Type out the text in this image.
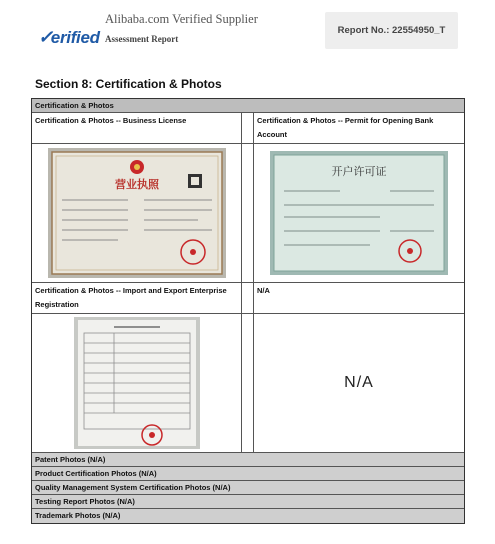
✓erified
Alibaba.com Verified Supplier
Assessment Report
Report No.: 22554950_T
Section 8: Certification & Photos
Certification & Photos
Certification & Photos -- Business License	Certification & Photos -- Permit for Opening Bank Account
营业执照
开户许可证
Certification & Photos -- Import and Export Enterprise Registration
N/A
N/A
Patent Photos (N/A)
Product Certification Photos (N/A)
Quality Management System Certification Photos (N/A)
Testing Report Photos (N/A)
Trademark Photos (N/A)
